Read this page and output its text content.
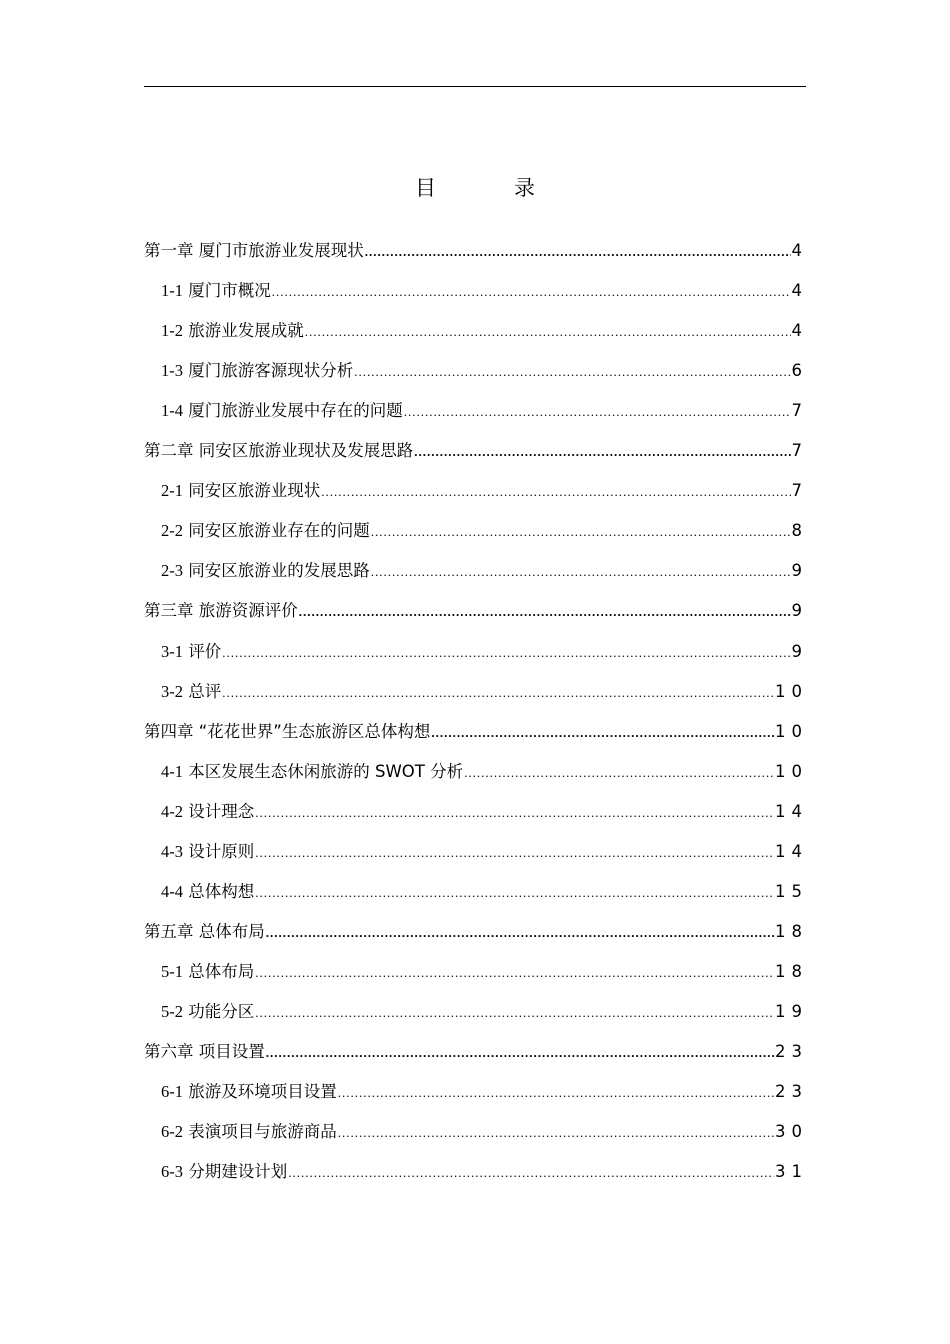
目	录
第一章 厦门市旅游业发展现状 .....	4
1-1 厦门市概况 .....	4
1-2 旅游业发展成就 .....	4
1-3 厦门旅游客源现状分析 .....	6
1-4 厦门旅游业发展中存在的问题 .....	7
第二章 同安区旅游业现状及发展思路 .....	7
2-1 同安区旅游业现状 .....	7
2-2 同安区旅游业存在的问题 .....	8
2-3 同安区旅游业的发展思路 .....	9
第三章 旅游资源评价 .....	9
3-1 评价 .....	9
3-2 总评 .....	10
第四章 “花花世界”生态旅游区总体构想 .....	10
4-1 本区发展生态休闲旅游的 SWOT 分析 .....	10
4-2 设计理念 .....	14
4-3 设计原则 .....	14
4-4 总体构想 .....	15
第五章 总体布局 .....	18
5-1 总体布局 .....	18
5-2 功能分区 .....	19
第六章 项目设置 .....	23
6-1 旅游及环境项目设置 .....	23
6-2 表演项目与旅游商品 .....	30
6-3 分期建设计划 .....	31
